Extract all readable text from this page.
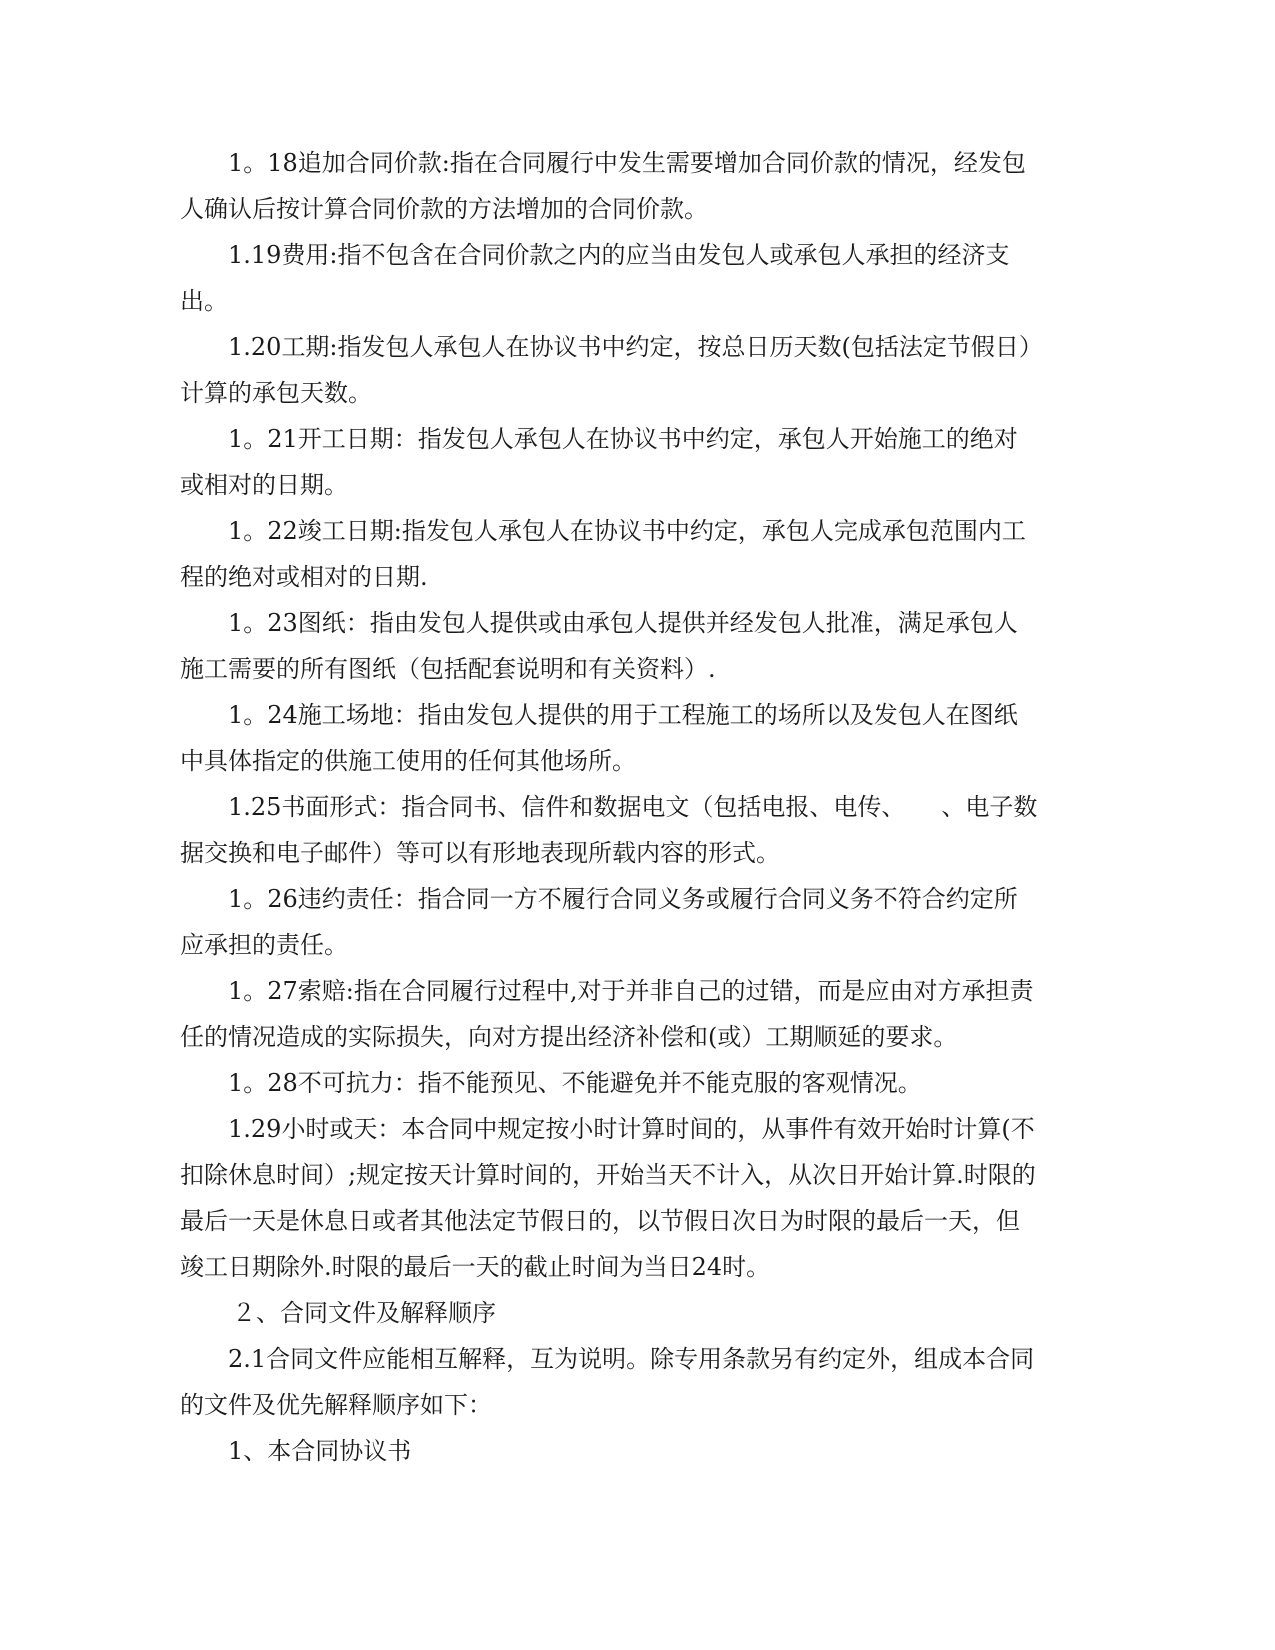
1。18追加合同价款:指在合同履行中发生需要增加合同价款的情况，经发包人确认后按计算合同价款的方法增加的合同价款。

1.19费用:指不包含在合同价款之内的应当由发包人或承包人承担的经济支出。

1.20工期:指发包人承包人在协议书中约定，按总日历天数(包括法定节假日）计算的承包天数。

1。21开工日期：指发包人承包人在协议书中约定，承包人开始施工的绝对或相对的日期。

1。22竣工日期:指发包人承包人在协议书中约定，承包人完成承包范围内工程的绝对或相对的日期.

1。23图纸：指由发包人提供或由承包人提供并经发包人批准，满足承包人施工需要的所有图纸（包括配套说明和有关资料）.

1。24施工场地：指由发包人提供的用于工程施工的场所以及发包人在图纸中具体指定的供施工使用的任何其他场所。

1.25书面形式：指合同书、信件和数据电文（包括电报、电传、　　、电子数据交换和电子邮件）等可以有形地表现所载内容的形式。

1。26违约责任：指合同一方不履行合同义务或履行合同义务不符合约定所应承担的责任。

1。27索赔:指在合同履行过程中,对于并非自己的过错，而是应由对方承担责任的情况造成的实际损失，向对方提出经济补偿和(或）工期顺延的要求。

1。28不可抗力：指不能预见、不能避免并不能克服的客观情况。

1.29小时或天：本合同中规定按小时计算时间的，从事件有效开始时计算(不扣除休息时间）;规定按天计算时间的，开始当天不计入，从次日开始计算.时限的最后一天是休息日或者其他法定节假日的，以节假日次日为时限的最后一天，但竣工日期除外.时限的最后一天的截止时间为当日24时。

２、合同文件及解释顺序

2.1合同文件应能相互解释，互为说明。除专用条款另有约定外，组成本合同的文件及优先解释顺序如下：

1、本合同协议书
